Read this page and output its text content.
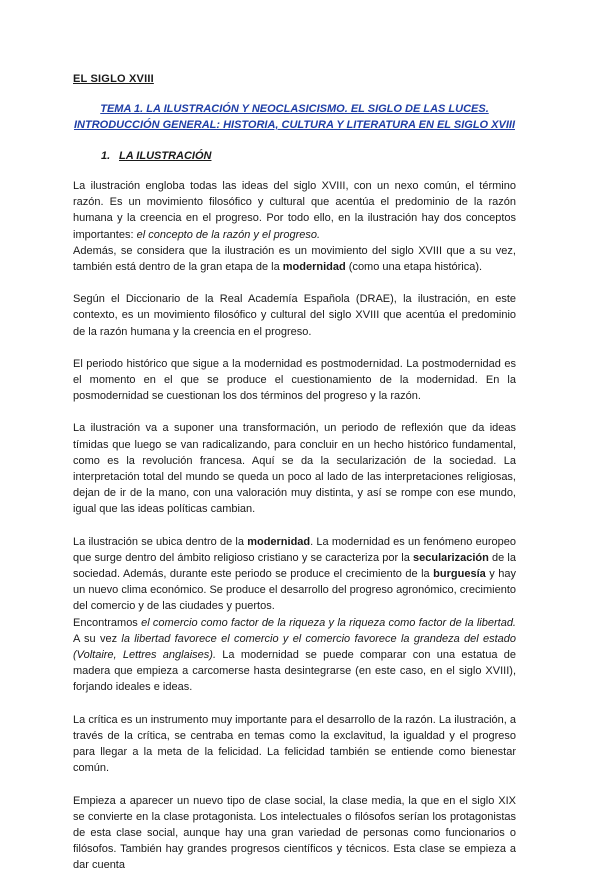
EL SIGLO XVIII
TEMA 1. LA ILUSTRACIÓN Y NEOCLASICISMO. EL SIGLO DE LAS LUCES.
INTRODUCCIÓN GENERAL: HISTORIA, CULTURA Y LITERATURA EN EL SIGLO XVIII
1. LA ILUSTRACIÓN

La ilustración engloba todas las ideas del siglo XVIII, con un nexo común, el término razón. Es un movimiento filosófico y cultural que acentúa el predominio de la razón humana y la creencia en el progreso. Por todo ello, en la ilustración hay dos conceptos importantes: el concepto de la razón y el progreso.

Además, se considera que la ilustración es un movimiento del siglo XVIII que a su vez, también está dentro de la gran etapa de la modernidad (como una etapa histórica).

Según el Diccionario de la Real Academía Española (DRAE), la ilustración, en este contexto, es un movimiento filosófico y cultural del siglo XVIII que acentúa el predominio de la razón humana y la creencia en el progreso.

El periodo histórico que sigue a la modernidad es postmodernidad. La postmodernidad es el momento en el que se produce el cuestionamiento de la modernidad. En la posmodernidad se cuestionan los dos términos del progreso y la razón.

La ilustración va a suponer una transformación, un periodo de reflexión que da ideas tímidas que luego se van radicalizando, para concluir en un hecho histórico fundamental, como es la revolución francesa. Aquí se da la secularización de la sociedad. La interpretación total del mundo se queda un poco al lado de las interpretaciones religiosas, dejan de ir de la mano, con una valoración muy distinta, y así se rompe con ese mundo, igual que las ideas políticas cambian.

La ilustración se ubica dentro de la modernidad. La modernidad es un fenómeno europeo que surge dentro del ámbito religioso cristiano y se caracteriza por la secularización de la sociedad. Además, durante este periodo se produce el crecimiento de la burguesía y hay un nuevo clima económico. Se produce el desarrollo del progreso agronómico, crecimiento del comercio y de las ciudades y puertos.

Encontramos el comercio como factor de la riqueza y la riqueza como factor de la libertad. A su vez la libertad favorece el comercio y el comercio favorece la grandeza del estado (Voltaire, Lettres anglaises). La modernidad se puede comparar con una estatua de madera que empieza a carcomerse hasta desintegrarse (en este caso, en el siglo XVIII), forjando ideales e ideas.

La crítica es un instrumento muy importante para el desarrollo de la razón. La ilustración, a través de la crítica, se centraba en temas como la exclavitud, la igualdad y el progreso para llegar a la meta de la felicidad. La felicidad también se entiende como bienestar común.

Empieza a aparecer un nuevo tipo de clase social, la clase media, la que en el siglo XIX se convierte en la clase protagonista. Los intelectuales o filósofos serían los protagonistas de esta clase social, aunque hay una gran variedad de personas como funcionarios o filósofos. También hay grandes progresos científicos y técnicos. Esta clase se empieza a dar cuenta
